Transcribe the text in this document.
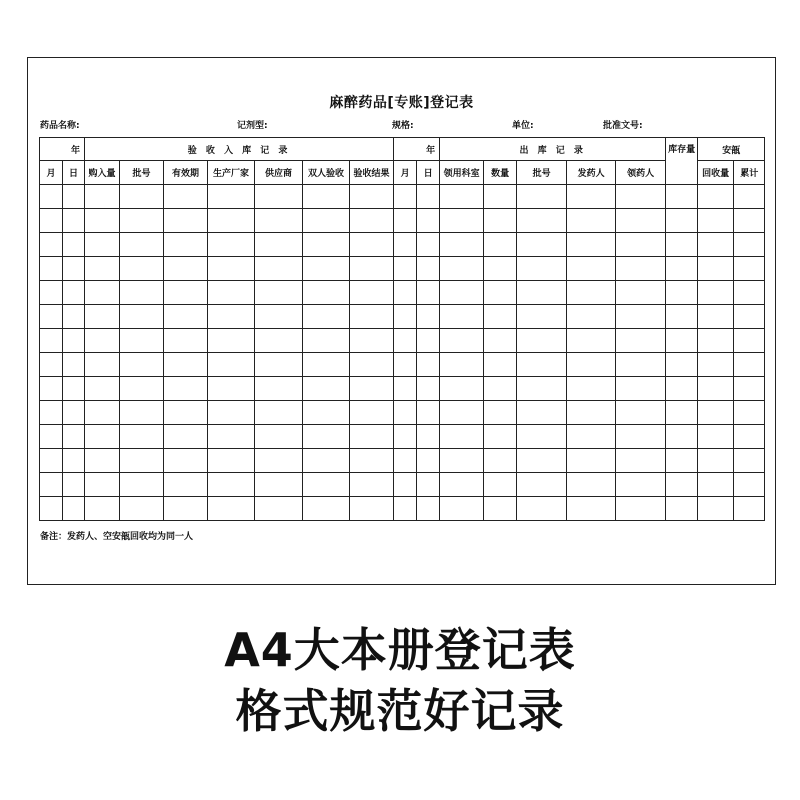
麻醉药品[专账]登记表
药品名称:	记剂型:	规格:	单位:	批准文号:
年		验 收 入 库 记 录							年		出 库 记 录					库存量	安瓿	
月	日	购入量	批号	有效期	生产厂家	供应商	双人验收	验收结果	月	日	领用科室	数量	批号	发药人	领药人		回收量	累计

备注：发药人、空安瓿回收均为同一人
A4大本册登记表
格式规范好记录
